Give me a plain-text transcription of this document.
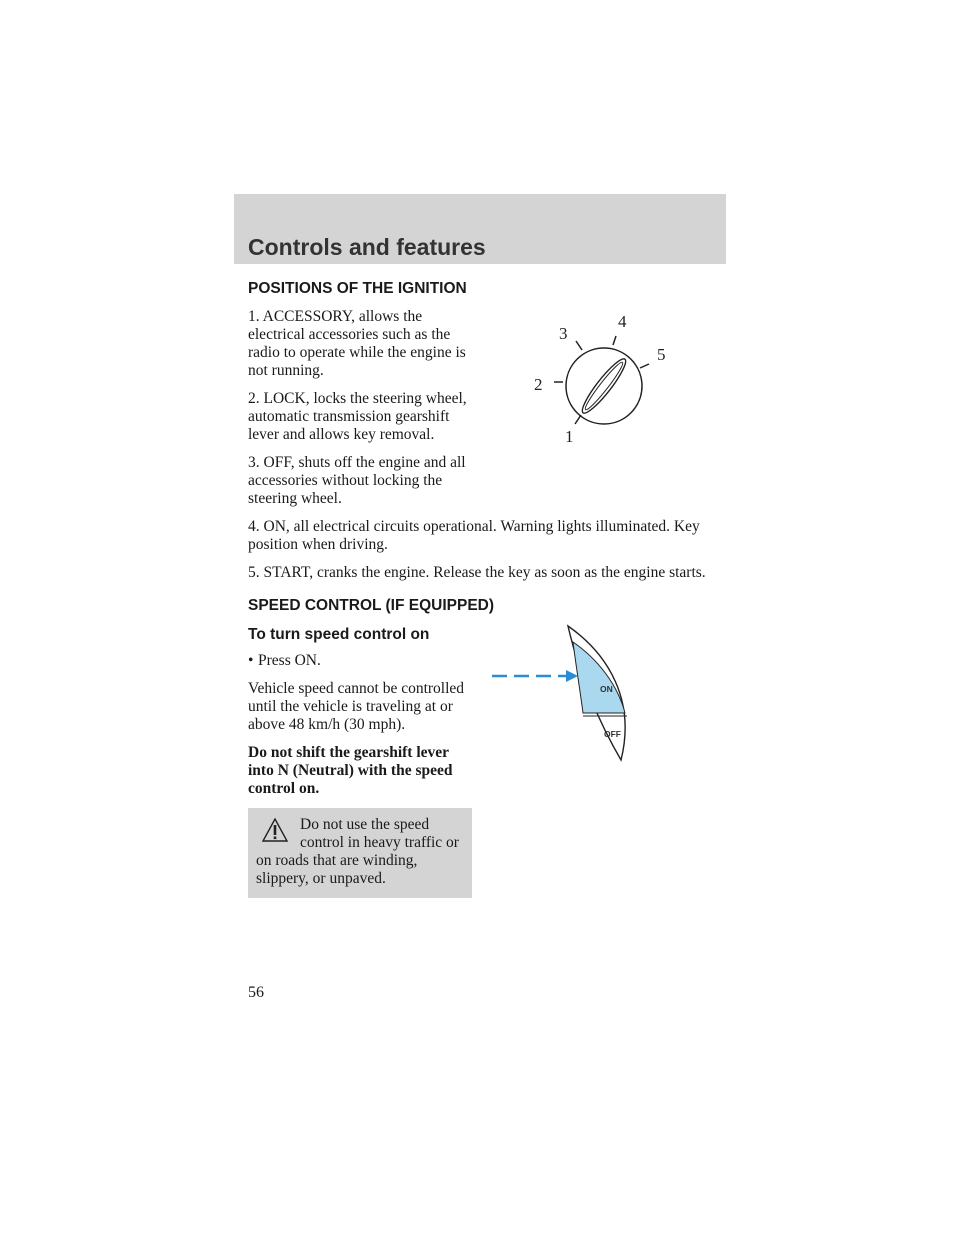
Controls and features
POSITIONS OF THE IGNITION
1. ACCESSORY, allows the electrical accessories such as the radio to operate while the engine is not running.
2. LOCK, locks the steering wheel, automatic transmission gearshift lever and allows key removal.
3. OFF, shuts off the engine and all accessories without locking the steering wheel.
4. ON, all electrical circuits operational. Warning lights illuminated. Key position when driving.
5. START, cranks the engine. Release the key as soon as the engine starts.
SPEED CONTROL (IF EQUIPPED)
To turn speed control on
• Press ON.
Vehicle speed cannot be controlled until the vehicle is traveling at or above 48 km/h (30 mph).
Do not shift the gearshift lever into N (Neutral) with the speed control on.
Do not use the speed control in heavy traffic or
on roads that are winding, slippery, or unpaved.
1
2
3
4
5
ON
OFF

56
